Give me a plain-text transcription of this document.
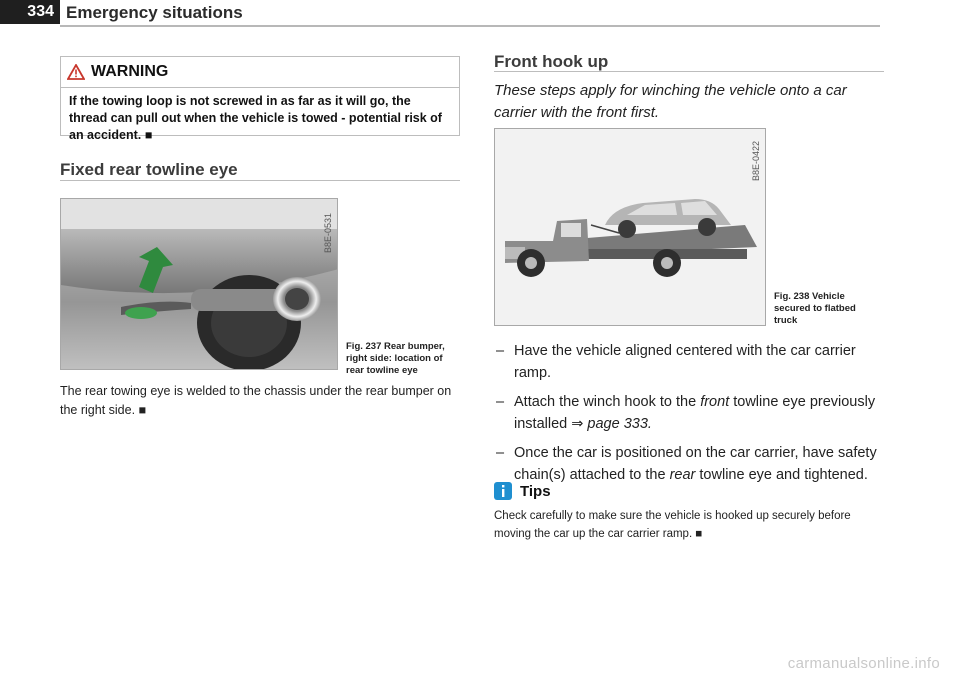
334 Emergency situations
WARNING
If the towing loop is not screwed in as far as it will go, the thread can pull out when the vehicle is towed - potential risk of an accident. ■
Fixed rear towline eye
B8E-0531
Fig. 237 Rear bumper,
right side: location of
rear towline eye
The rear towing eye is welded to the chassis under the rear bumper on the right side. ■
Front hook up
These steps apply for winching the vehicle onto a car carrier with the front first.
B8E-0422
Fig. 238 Vehicle
secured to flatbed
truck
– Have the vehicle aligned centered with the car carrier ramp.
– Attach the winch hook to the front towline eye previously installed ⇒ page 333.
– Once the car is positioned on the car carrier, have safety chain(s) attached to the rear towline eye and tightened.
Tips
Check carefully to make sure the vehicle is hooked up securely before moving the car up the car carrier ramp. ■
carmanualsonline.info
